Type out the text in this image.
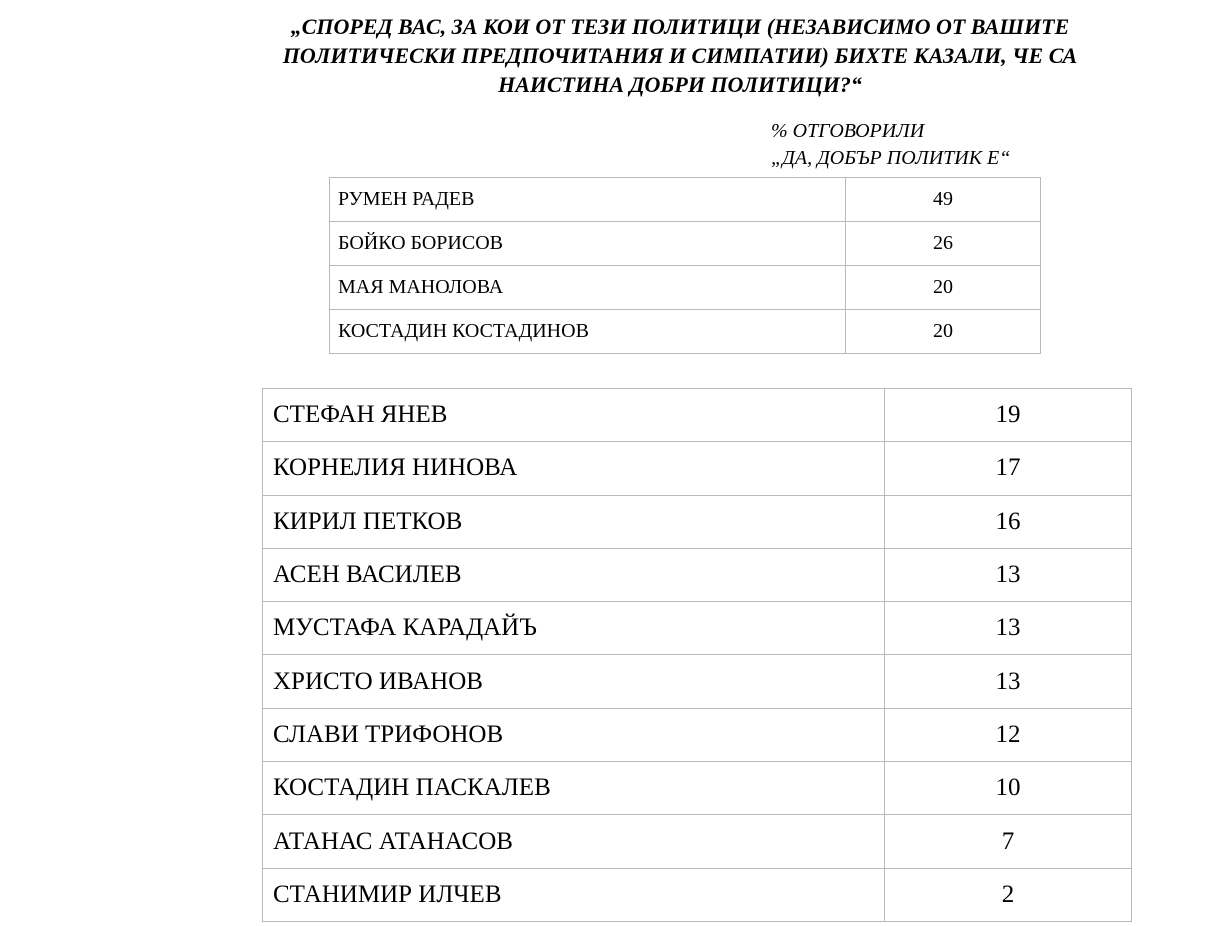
„СПОРЕД ВАС, ЗА КОИ ОТ ТЕЗИ ПОЛИТИЦИ (НЕЗАВИСИМО ОТ ВАШИТЕ ПОЛИТИЧЕСКИ ПРЕДПОЧИТАНИЯ И СИМПАТИИ) БИХТЕ КАЗАЛИ, ЧЕ СА НАИСТИНА ДОБРИ ПОЛИТИЦИ?“
% ОТГОВОРИЛИ
„ДА, ДОБЪР ПОЛИТИК Е“
РУМЕН РАДЕВ	49
БОЙКО БОРИСОВ	26
МАЯ МАНОЛОВА	20
КОСТАДИН КОСТАДИНОВ	20
СТЕФАН ЯНЕВ	19
КОРНЕЛИЯ НИНОВА	17
КИРИЛ ПЕТКОВ	16
АСЕН ВАСИЛЕВ	13
МУСТАФА КАРАДАЙЪ	13
ХРИСТО ИВАНОВ	13
СЛАВИ ТРИФОНОВ	12
КОСТАДИН ПАСКАЛЕВ	10
АТАНАС АТАНАСОВ	7
СТАНИМИР ИЛЧЕВ	2
